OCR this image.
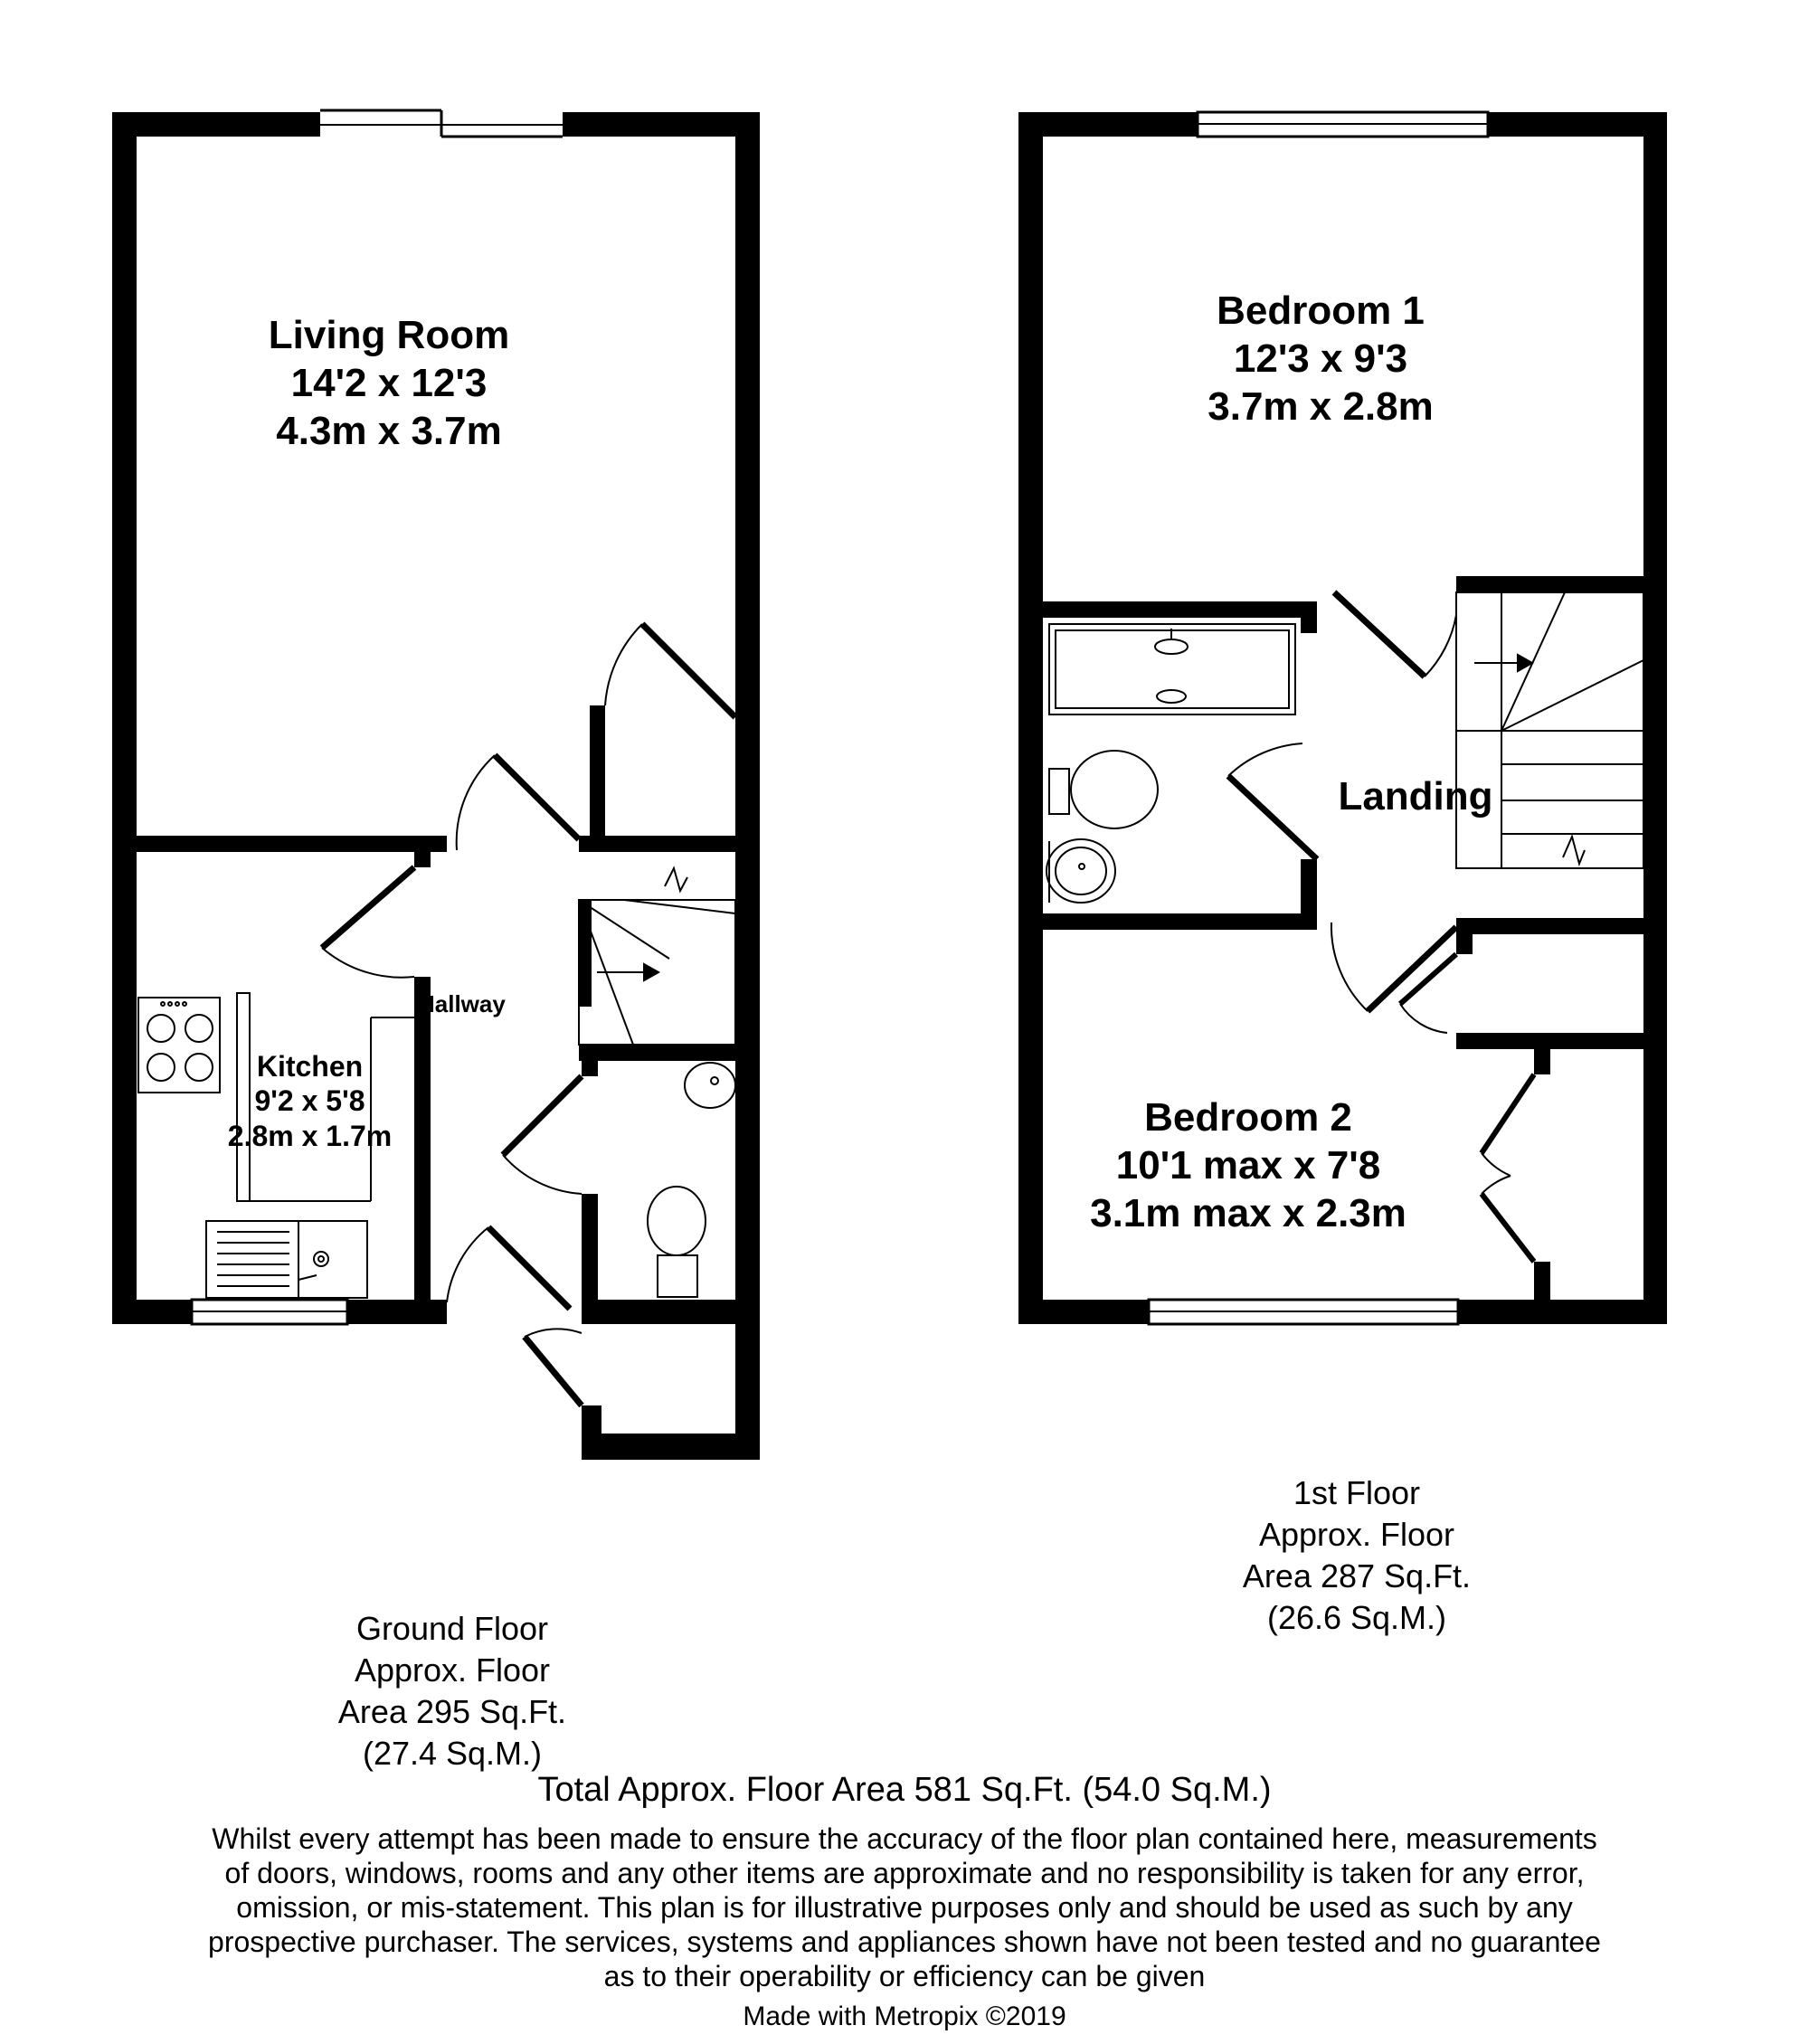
Living Room
14'2 x 12'3
4.3m x 3.7m
Kitchen
9'2 x 5'8
2.8m x 1.7m
Hallway
Bedroom 1
12'3 x 9'3
3.7m x 2.8m
Landing
Bedroom 2
10'1 max x 7'8
3.1m max x 2.3m
Ground Floor
Approx. Floor
Area 295 Sq.Ft.
(27.4 Sq.M.)
1st Floor
Approx. Floor
Area 287 Sq.Ft.
(26.6 Sq.M.)
Total Approx. Floor Area 581 Sq.Ft. (54.0 Sq.M.)
Whilst every attempt has been made to ensure the accuracy of the floor plan contained here, measurements
of doors, windows, rooms and any other items are approximate and no responsibility is taken for any error,
omission, or mis-statement. This plan is for illustrative purposes only and should be used as such by any
prospective purchaser. The services, systems and appliances shown have not been tested and no guarantee
as to their operability or efficiency can be given
Made with Metropix ©2019
